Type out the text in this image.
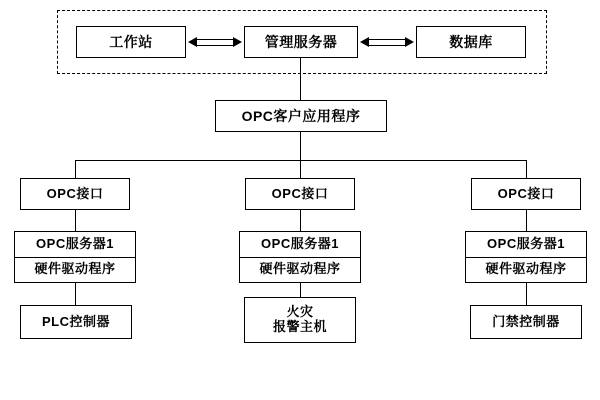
工作站	管理服务器	数据库
OPC客户应用程序
OPC接口
OPC服务器1
硬件驱动程序
PLC控制器
OPC接口
OPC服务器1
硬件驱动程序
火灾
报警主机
OPC接口
OPC服务器1
硬件驱动程序
门禁控制器
